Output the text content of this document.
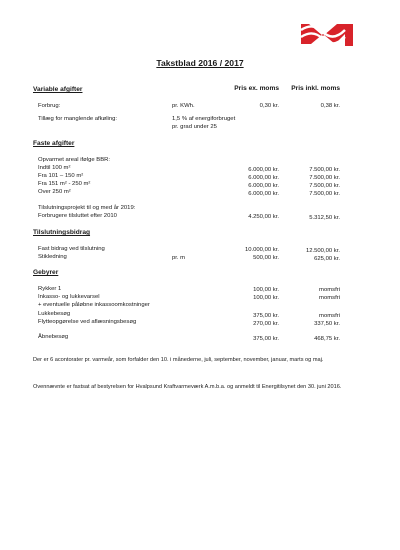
Takstblad 2016 / 2017
Variable afgifter	Pris ex. moms Pris inkl. moms
Forbrug:	pr. KWh.	0,30 kr.	0,38 kr.
Tillæg for manglende afkøling:	1,5 % af energiforbruget
pr. grad under 25
Faste afgifter
Opvarmet areal ifølge BBR:
Indtil 100 m²	6.000,00 kr.	7.500,00 kr.
Fra 101 – 150 m²	6.000,00 kr.	7.500,00 kr.
Fra 151 m² - 250 m²	6.000,00 kr.	7.500,00 kr.
Over 250 m²	6.000,00 kr.	7.500,00 kr.
Tilslutningsprojekt til og med år 2019:
Forbrugere tilsluttet efter 2010	4.250,00 kr.	5.312,50 kr.
Tilslutningsbidrag
Fast bidrag ved tilslutning	10.000,00 kr.	12.500,00 kr.
Stikledning	pr. m	500,00 kr.	625,00 kr.
Gebyrer
Rykker 1	100,00 kr.	momsfri
Inkasso- og lukkevarsel
+ eventuelle påløbne inkassoomkostninger
100,00 kr.	momsfri
Lukkebesøg	375,00 kr.	momsfri
Flytteopgørelse ved aflæsningsbesøg	270,00 kr.	337,50 kr.
Åbnebesøg	375,00 kr.	468,75 kr.
Der er 6 acontorater pr. varmeår, som forfalder den 10. i månederne, juli, september, november, januar, marts og maj.
Ovennævnte er fastsat af bestyrelsen for Hvalpsund Kraftvarmeværk A.m.b.a. og anmeldt til Energitilsynet den 30. juni 2016.
